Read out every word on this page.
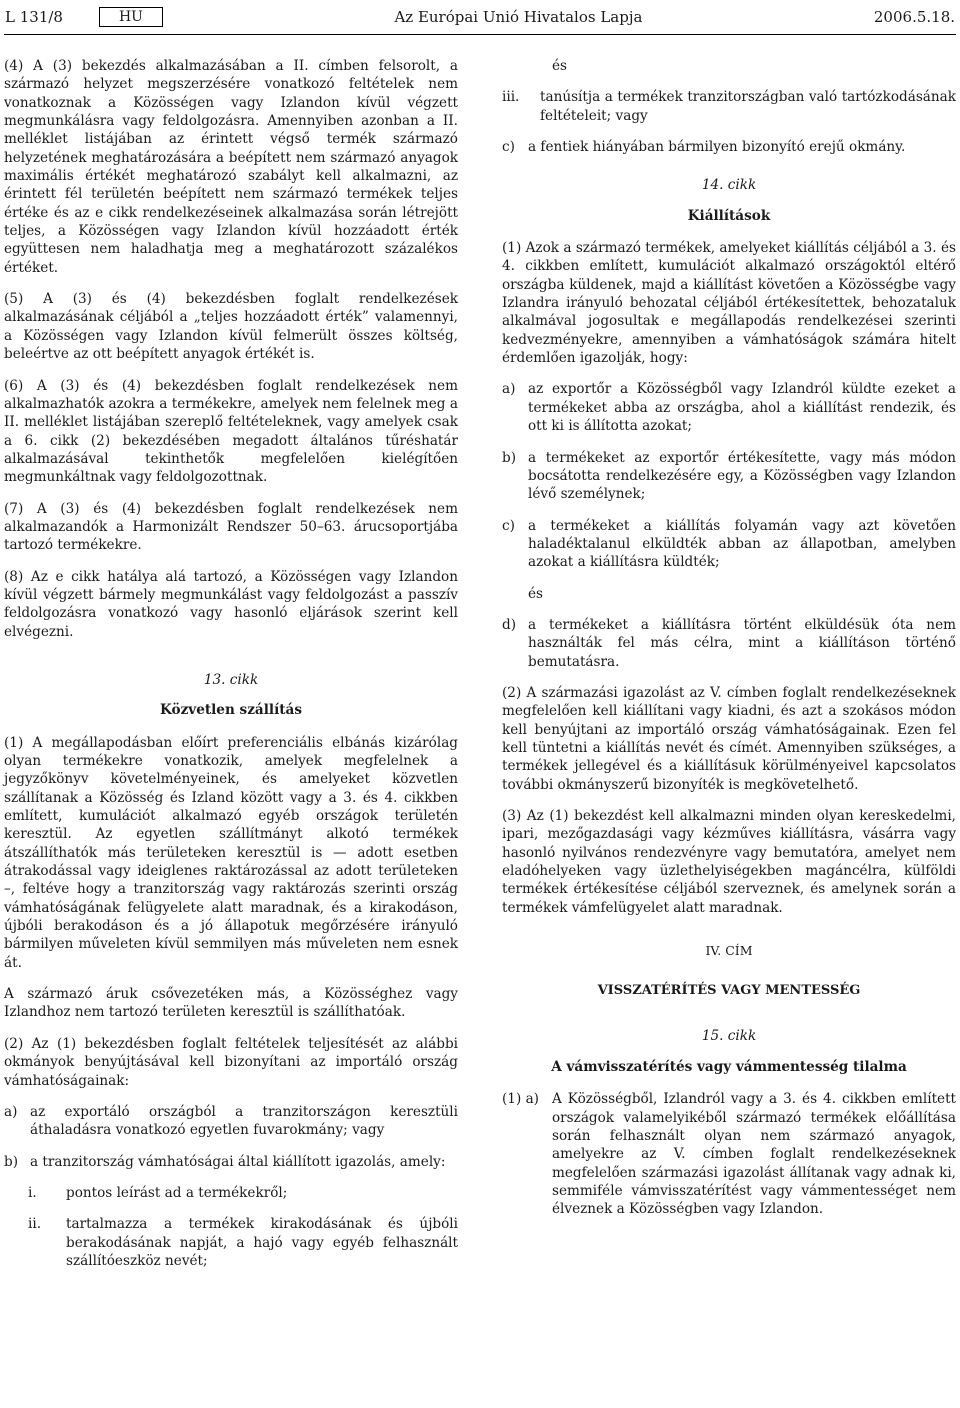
L 131/8	HU	Az Európai Unió Hivatalos Lapja	2006.5.18.

(4) A (3) bekezdés alkalmazásában a II. címben felsorolt, a származó helyzet megszerzésére vonatkozó feltételek nem vonatkoznak a Közösségen vagy Izlandon kívül végzett megmunkálásra vagy feldolgozásra. Amennyiben azonban a II. melléklet listájában az érintett végső termék származó helyzetének meghatározására a beépített nem származó anyagok maximális értékét meghatározó szabályt kell alkalmazni, az érintett fél területén beépített nem származó termékek teljes értéke és az e cikk rendelkezéseinek alkalmazása során létrejött teljes, a Közösségen vagy Izlandon kívül hozzáadott érték együttesen nem haladhatja meg a meghatározott százalékos értéket.

(5) A (3) és (4) bekezdésben foglalt rendelkezések alkalmazásának céljából a „teljes hozzáadott érték” valamennyi, a Közösségen vagy Izlandon kívül felmerült összes költség, beleértve az ott beépített anyagok értékét is.

(6) A (3) és (4) bekezdésben foglalt rendelkezések nem alkalmazhatók azokra a termékekre, amelyek nem felelnek meg a II. melléklet listájában szereplő feltételeknek, vagy amelyek csak a 6. cikk (2) bekezdésében megadott általános tűréshatár alkalmazásával tekinthetők megfelelően kielégítően megmunkáltnak vagy feldolgozottnak.

(7) A (3) és (4) bekezdésben foglalt rendelkezések nem alkalmazandók a Harmonizált Rendszer 50–63. árucsoportjába tartozó termékekre.

(8) Az e cikk hatálya alá tartozó, a Közösségen vagy Izlandon kívül végzett bármely megmunkálást vagy feldolgozást a passzív feldolgozásra vonatkozó vagy hasonló eljárások szerint kell elvégezni.

13. cikk
Közvetlen szállítás

(1) A megállapodásban előírt preferenciális elbánás kizárólag olyan termékekre vonatkozik, amelyek megfelelnek a jegyzőkönyv követelményeinek, és amelyeket közvetlen szállítanak a Közösség és Izland között vagy a 3. és 4. cikkben említett, kumulációt alkalmazó egyéb országok területén keresztül. Az egyetlen szállítmányt alkotó termékek átszállíthatók más területeken keresztül is — adott esetben átrakodással vagy ideiglenes raktározással az adott területeken –, feltéve hogy a tranzitország vagy raktározás szerinti ország vámhatóságának felügyelete alatt maradnak, és a kirakodáson, újbóli berakodáson és a jó állapotuk megőrzésére irányuló bármilyen műveleten kívül semmilyen más műveleten nem esnek át.

A származó áruk csővezetéken más, a Közösséghez vagy Izlandhoz nem tartozó területen keresztül is szállíthatóak.

(2) Az (1) bekezdésben foglalt feltételek teljesítését az alábbi okmányok benyújtásával kell bizonyítani az importáló ország vámhatóságainak:

a) az exportáló országból a tranzitországon keresztüli áthaladásra vonatkozó egyetlen fuvarokmány; vagy
b) a tranzitország vámhatóságai által kiállított igazolás, amely:
i.	pontos leírást ad a termékekről;
ii.	tartalmazza a termékek kirakodásának és újbóli berakodásának napját, a hajó vagy egyéb felhasznált szállítóeszköz nevét;
és
iii.	tanúsítja a termékek tranzitországban való tartózkodásának feltételeit; vagy
c) a fentiek hiányában bármilyen bizonyító erejű okmány.
14. cikk
Kiállítások

(1) Azok a származó termékek, amelyeket kiállítás céljából a 3. és 4. cikkben említett, kumulációt alkalmazó országoktól eltérő országba küldenek, majd a kiállítást követően a Közösségbe vagy Izlandra irányuló behozatal céljából értékesítettek, behozataluk alkalmával jogosultak e megállapodás rendelkezései szerinti kedvezményekre, amennyiben a vámhatóságok számára hitelt érdemlően igazolják, hogy:

a) az exportőr a Közösségből vagy Izlandról küldte ezeket a termékeket abba az országba, ahol a kiállítást rendezik, és ott ki is állította azokat;
b) a termékeket az exportőr értékesítette, vagy más módon bocsátotta rendelkezésére egy, a Közösségben vagy Izlandon lévő személynek;
c) a termékeket a kiállítás folyamán vagy azt követően haladéktalanul elküldték abban az állapotban, amelyben azokat a kiállításra küldték;
és
d) a termékeket a kiállításra történt elküldésük óta nem használták fel más célra, mint a kiállításon történő bemutatásra.

(2) A származási igazolást az V. címben foglalt rendelkezéseknek megfelelően kell kiállítani vagy kiadni, és azt a szokásos módon kell benyújtani az importáló ország vámhatóságainak. Ezen fel kell tüntetni a kiállítás nevét és címét. Amennyiben szükséges, a termékek jellegével és a kiállításuk körülményeivel kapcsolatos további okmányszerű bizonyíték is megkövetelhető.

(3) Az (1) bekezdést kell alkalmazni minden olyan kereskedelmi, ipari, mezőgazdasági vagy kézműves kiállításra, vásárra vagy hasonló nyilvános rendezvényre vagy bemutatóra, amelyet nem eladóhelyeken vagy üzlethelyiségekben magáncélra, külföldi termékek értékesítése céljából szerveznek, és amelynek során a termékek vámfelügyelet alatt maradnak.

IV. CÍM
VISSZATÉRÍTÉS VAGY MENTESSÉG
15. cikk
A vámvisszatérítés vagy vámmentesség tilalma
(1) a) A Közösségből, Izlandról vagy a 3. és 4. cikkben említett országok valamelyikéből származó termékek előállítása során felhasznált olyan nem származó anyagok, amelyekre az V. címben foglalt rendelkezéseknek megfelelően származási igazolást állítanak vagy adnak ki, semmiféle vámvisszatérítést vagy vámmentességet nem élveznek a Közösségben vagy Izlandon.
